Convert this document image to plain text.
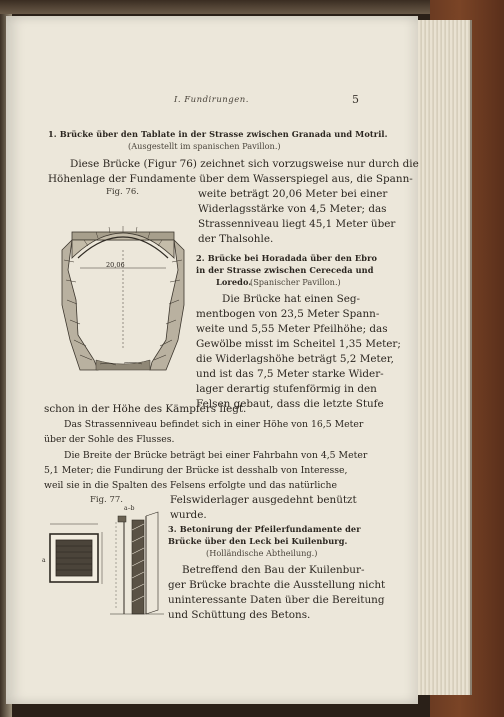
I. Fundirungen.	5
1. Brücke über den Tablate in der Strasse zwischen Granada und Motril.
(Ausgestellt im spanischen Pavillon.)
Diese Brücke (Figur 76) zeichnet sich vorzugsweise nur durch die
Höhenlage der Fundamente über dem Wasserspiegel aus, die Spann-
weite beträgt 20,06 Meter bei einer
Widerlagsstärke von 4,5 Meter; das
Strassenniveau liegt 45,1 Meter über
der Thalsohle.
Fig. 76.
20,06
2. Brücke bei Horadada über den Ebro
in der Strasse zwischen Cereceda und
Loredo.
(Spanischer Pavillon.)
Die Brücke hat einen Seg-
mentbogen von 23,5 Meter Spann-
weite und 5,55 Meter Pfeilhöhe; das
Gewölbe misst im Scheitel 1,35 Meter;
die Widerlagshöhe beträgt 5,2 Meter,
und ist das 7,5 Meter starke Wider-
lager derartig stufenförmig in den
Felsen gebaut, dass die letzte Stufe
schon in der Höhe des Kämpfers liegt.
Das Strassenniveau befindet sich in einer Höhe von 16,5 Meter
über der Sohle des Flusses.
Die Breite der Brücke beträgt bei einer Fahrbahn von 4,5 Meter
5,1 Meter; die Fundirung der Brücke ist desshalb von Interesse,
weil sie in die Spalten des Felsens erfolgte und das natürliche
Felswiderlager ausgedehnt benützt
wurde.
Fig. 77.
a
a–b
3. Betonirung der Pfeilerfundamente der
Brücke über den Leck bei Kuilenburg.
(Holländische Abtheilung.)
Betreffend den Bau der Kuilenbur-
ger Brücke brachte die Ausstellung nicht
uninteressante Daten über die Bereitung
und Schüttung des Betons.
